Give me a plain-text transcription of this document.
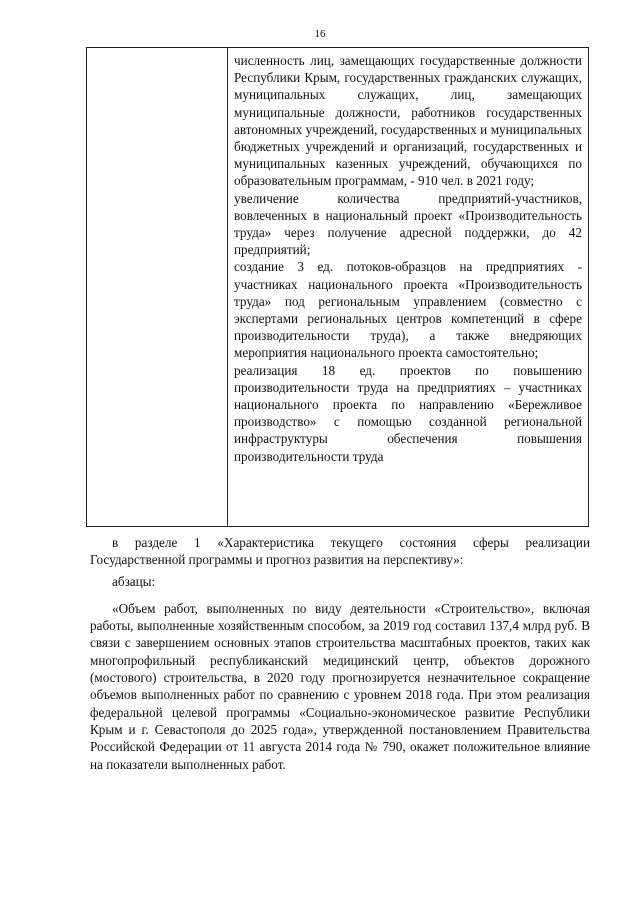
16

численность лиц, замещающих государственные должности Республики Крым, государственных гражданских служащих, муниципальных служащих, лиц, замещающих муниципальные должности, работников государственных автономных учреждений, государственных и муниципальных бюджетных учреждений и организаций, государственных и муниципальных казенных учреждений, обучающихся по образовательным программам, - 910 чел. в 2021 году;

увеличение количества предприятий-участников, вовлеченных в национальный проект «Производительность труда» через получение адресной поддержки, до 42 предприятий;

создание 3 ед. потоков-образцов на предприятиях - участниках национального проекта «Производительность труда» под региональным управлением (совместно с экспертами региональных центров компетенций в сфере производительности труда), а также внедряющих мероприятия национального проекта самостоятельно;

реализация 18 ед. проектов по повышению производительности труда на предприятиях – участниках национального проекта по направлению «Бережливое производство» с помощью созданной региональной инфраструктуры обеспечения повышения производительности труда

в разделе 1 «Характеристика текущего состояния сферы реализации Государственной программы и прогноз развития на перспективу»:

абзацы:

«Объем работ, выполненных по виду деятельности «Строительство», включая работы, выполненные хозяйственным способом, за 2019 год составил 137,4 млрд руб. В связи с завершением основных этапов строительства масштабных проектов, таких как многопрофильный республиканский медицинский центр, объектов дорожного (мостового) строительства, в 2020 году прогнозируется незначительное сокращение объемов выполненных работ по сравнению с уровнем 2018 года. При этом реализация федеральной целевой программы «Социально-экономическое развитие Республики Крым и г. Севастополя до 2025 года», утвержденной постановлением Правительства Российской Федерации от 11 августа 2014 года № 790, окажет положительное влияние на показатели выполненных работ.
